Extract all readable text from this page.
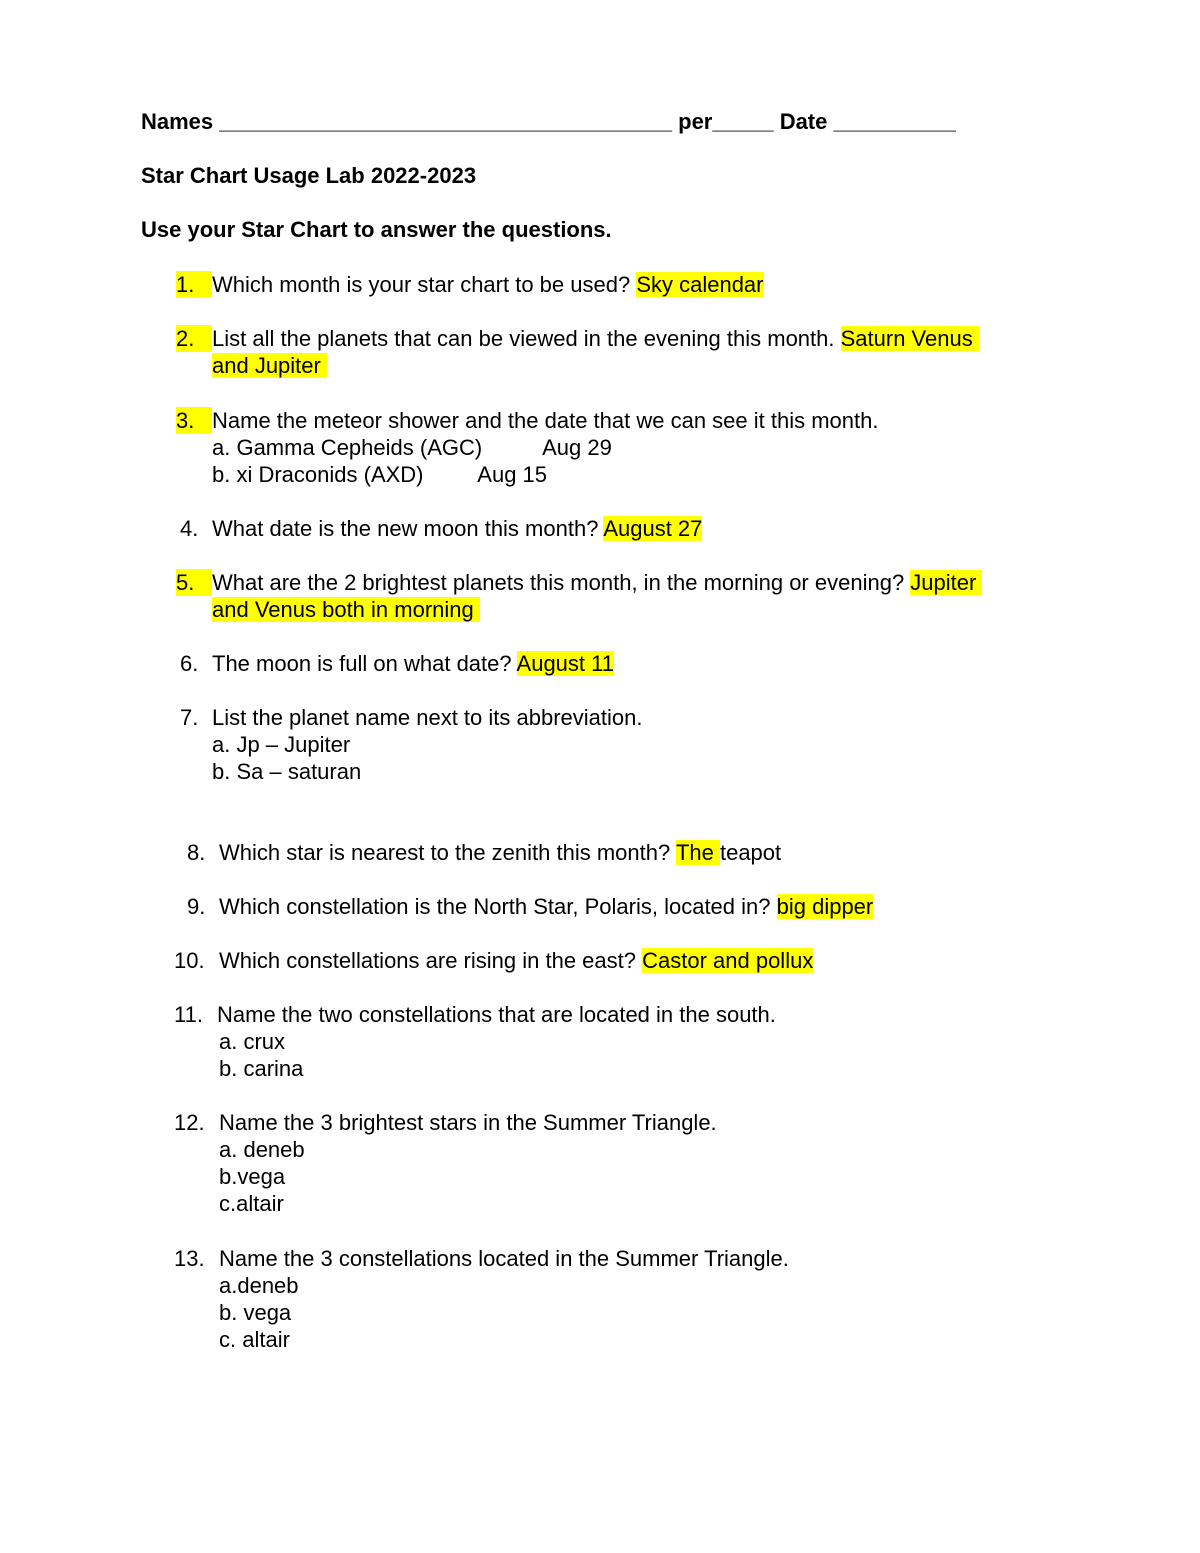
Names _____________________________________ per_____ Date __________
Star Chart Usage Lab 2022-2023
Use your Star Chart to answer the questions.
1. Which month is your star chart to be used? Sky calendar
2. List all the planets that can be viewed in the evening this month. Saturn Venus
and Jupiter
3. Name the meteor shower and the date that we can see it this month.
a. Gamma Cepheids (AGC)          Aug 29
b. xi Draconids (AXD)         Aug 15
4. What date is the new moon this month? August 27
5. What are the 2 brightest planets this month, in the morning or evening? Jupiter
and Venus both in morning
6. The moon is full on what date? August 11
7. List the planet name next to its abbreviation.
a. Jp – Jupiter
b. Sa – saturan
8. Which star is nearest to the zenith this month? The teapot
9. Which constellation is the North Star, Polaris, located in? big dipper
10. Which constellations are rising in the east? Castor and pollux
11. Name the two constellations that are located in the south.
a. crux
b. carina
12. Name the 3 brightest stars in the Summer Triangle.
a. deneb
b.vega
c.altair
13. Name the 3 constellations located in the Summer Triangle.
a.deneb
b. vega
c. altair
